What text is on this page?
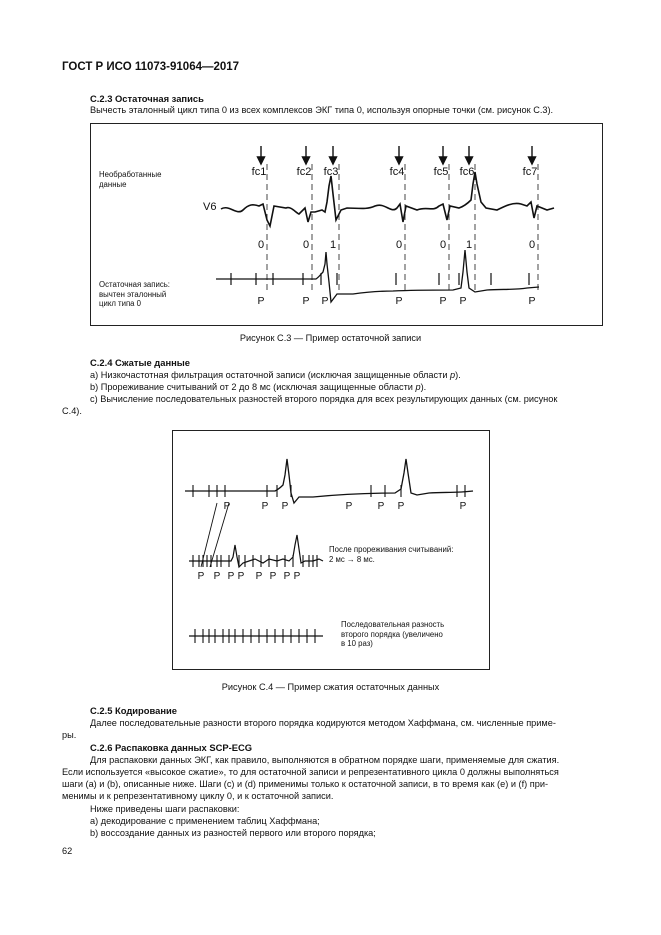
ГОСТ Р ИСО 11073-91064—2017
С.2.3 Остаточная запись
Вычесть эталонный цикл типа 0 из всех комплексов ЭКГ типа 0, используя опорные точки (см. рисунок С.3).
fc1	fc2 fc3	fc4	fc5 fc6	fc7
0	0 1	0	0 1	0
P	P P	P	P P	P
Необработанные
данные
V6
Остаточная запись:
вычтен эталонный
цикл типа 0
Рисунок С.3 — Пример остаточной записи
С.2.4 Сжатые данные
a) Низкочастотная фильтрация остаточной записи (исключая защищенные области p).
b) Прореживание считываний от 2 до 8 мс (исключая защищенные области p).
c) Вычисление последовательных разностей второго порядка для всех результирующих данных (см. рисунок
С.4).
P	P P	P	P P	P
P P P P P P P P
После прореживания считываний:
2 мс → 8 мс.
Последовательная разность
второго порядка (увеличено
в 10 раз)
Рисунок С.4 — Пример сжатия остаточных данных
С.2.5 Кодирование
Далее последовательные разности второго порядка кодируются методом Хаффмана, см. численные приме-
ры.
С.2.6 Распаковка данных SCP-ECG
Для распаковки данных ЭКГ, как правило, выполняются в обратном порядке шаги, применяемые для сжатия.
Если используется «высокое сжатие», то для остаточной записи и репрезентативного цикла 0 должны выполняться
шаги (a) и (b), описанные ниже. Шаги (c) и (d) применимы только к остаточной записи, в то время как (e) и (f) при-
менимы и к репрезентативному циклу 0, и к остаточной записи.
Ниже приведены шаги распаковки:
a) декодирование с применением таблиц Хаффмана;
b) воссоздание данных из разностей первого или второго порядка;
62
